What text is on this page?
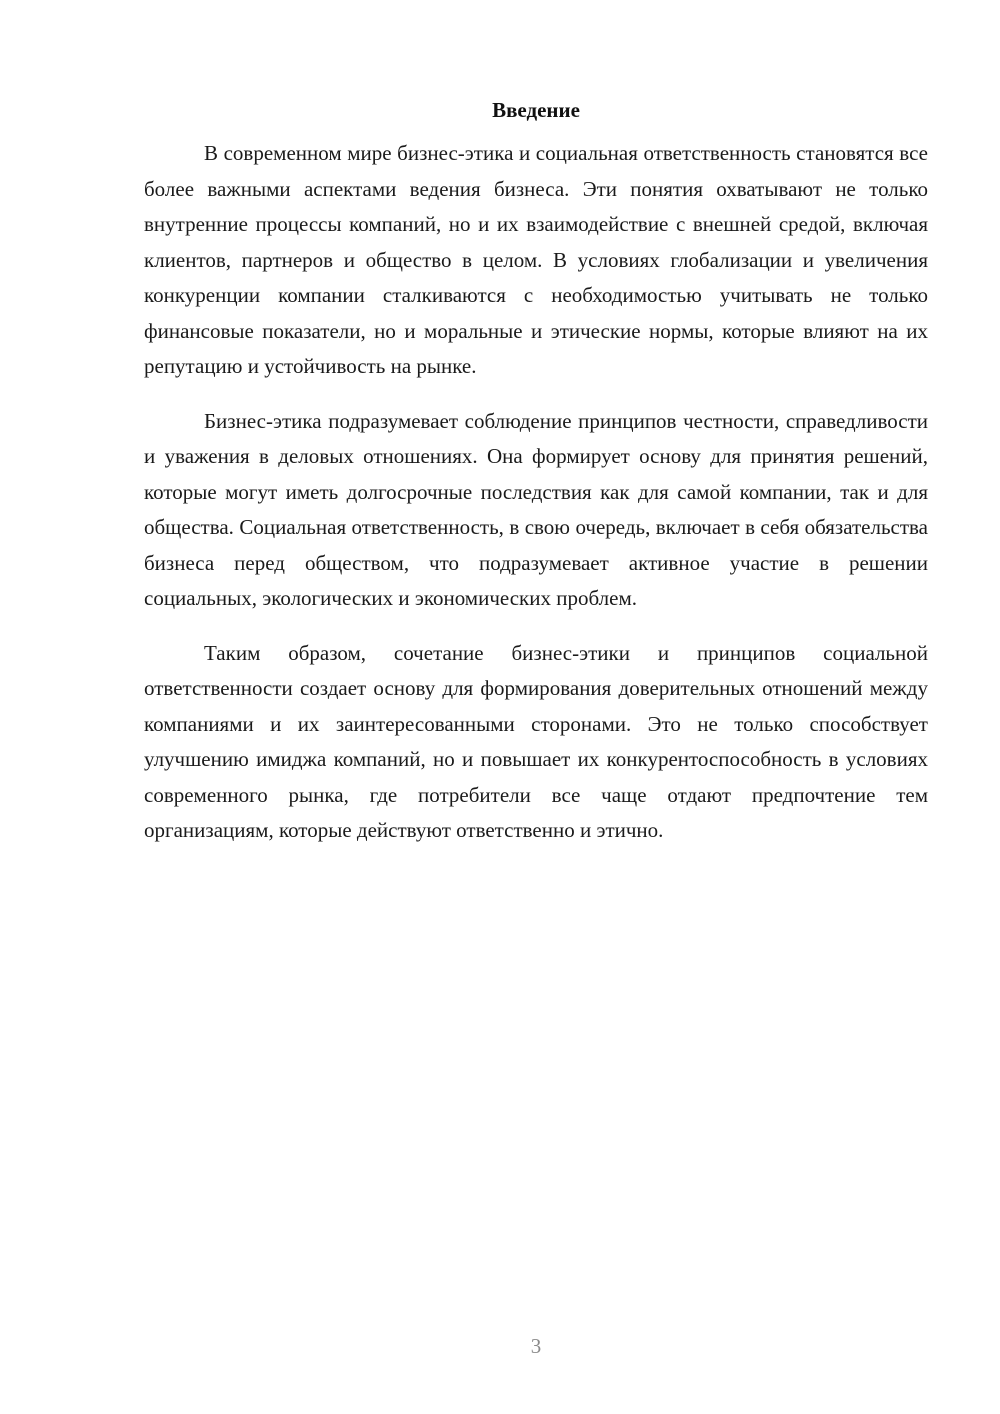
Введение

В современном мире бизнес-этика и социальная ответственность становятся все более важными аспектами ведения бизнеса. Эти понятия охватывают не только внутренние процессы компаний, но и их взаимодействие с внешней средой, включая клиентов, партнеров и общество в целом. В условиях глобализации и увеличения конкуренции компании сталкиваются с необходимостью учитывать не только финансовые показатели, но и моральные и этические нормы, которые влияют на их репутацию и устойчивость на рынке.

Бизнес-этика подразумевает соблюдение принципов честности, справедливости и уважения в деловых отношениях. Она формирует основу для принятия решений, которые могут иметь долгосрочные последствия как для самой компании, так и для общества. Социальная ответственность, в свою очередь, включает в себя обязательства бизнеса перед обществом, что подразумевает активное участие в решении социальных, экологических и экономических проблем.

Таким образом, сочетание бизнес-этики и принципов социальной ответственности создает основу для формирования доверительных отношений между компаниями и их заинтересованными сторонами. Это не только способствует улучшению имиджа компаний, но и повышает их конкурентоспособность в условиях современного рынка, где потребители все чаще отдают предпочтение тем организациям, которые действуют ответственно и этично.

3
